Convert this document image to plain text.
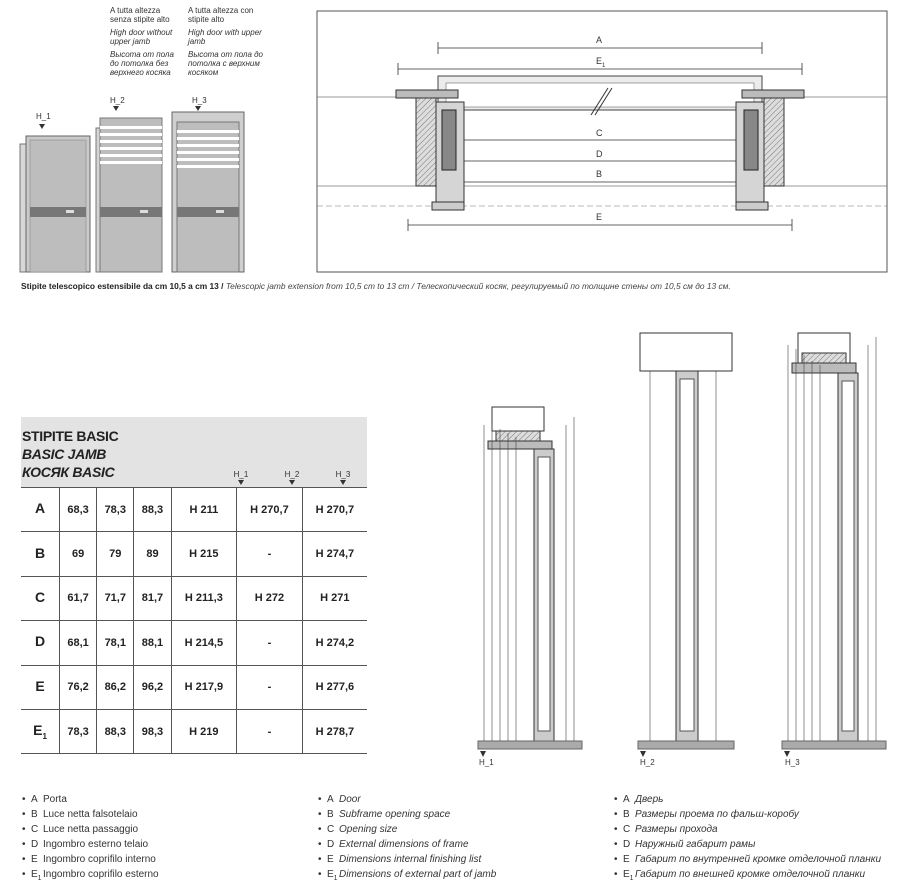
A tutta altezza senza stipite alto
High door without upper jamb
Высота от пола до потолка без верхнего косяка
A tutta altezza con stipite alto
High door with upper jamb
Высота от пола до потолка с верхним косяком
H_1
H_2	H_3
A
$E_1$
C
D
B
E
Stipite telescopico estensibile da cm 10,5 a cm 13 / Telescopic jamb extension from 10,5 cm to 13 cm / Телескопический косяк, регулируемый по толщине стены от 10,5 см до 13 см.
STIPITE BASIC
BASIC JAMB
КОСЯК BASIC	H_1	H_2	H_3
A	68,3	78,3	88,3	H 211	H 270,7	H 270,7
B	69	79	89	H 215	-	H 274,7
C	61,7	71,7	81,7	H 211,3	H 272	H 271
D	68,1	78,1	88,1	H 214,5	-	H 274,2
E	76,2	86,2	96,2	H 217,9	-	H 277,6
$E_1$	78,3	88,3	98,3	H 219	-	H 278,7
H_1	H_2	H_3
• A Porta
• B Luce netta falsotelaio
• C Luce netta passaggio
• D Ingombro esterno telaio
• E Ingombro coprifilo interno
• $E_1Ingombro$ coprifilo esterno
• A Door
• B Subframe opening space
• C Opening size
• D External dimensions of frame
• E Dimensions internal finishing list
• $E_1Dimensions$ of external part of jamb
• A Дверь
• B Размеры проема по фальш-коробу
• C Размеры прохода
• D Наружный габарит рамы
• E Габарит по внутренней кромке отделочной планки
• $E_1Габарит$ по внешней кромке отделочной планки
